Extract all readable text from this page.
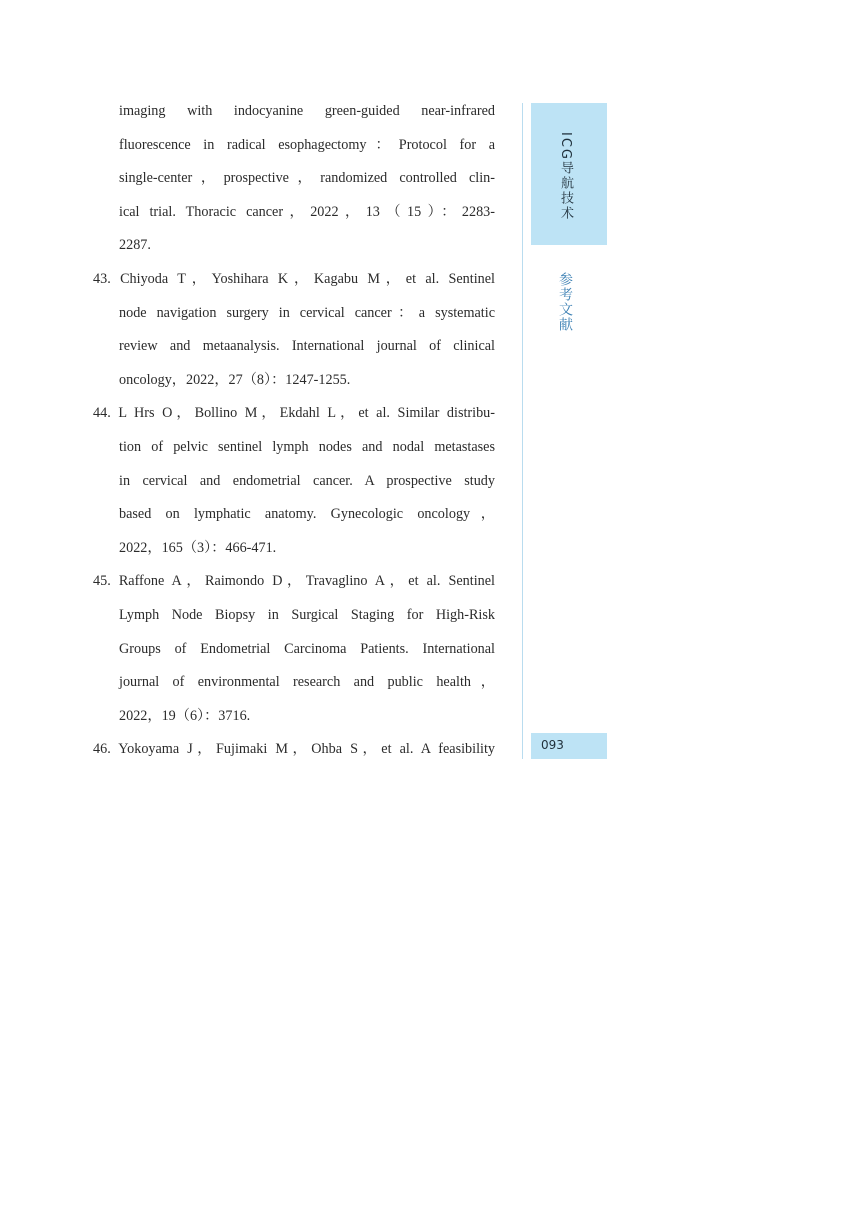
imaging with indocyanine green-guided near-infrared
fluorescence in radical esophagectomy：Protocol for a
single-center，prospective，randomized controlled clin-
ical trial. Thoracic cancer，2022，13（15）：2283-
2287.
43. Chiyoda T，Yoshihara K，Kagabu M，et al. Sentinel
node navigation surgery in cervical cancer：a systematic
review and metaanalysis. International journal of clinical
oncology，2022，27（8）：1247-1255.
44. L Hrs O，Bollino M，Ekdahl L，et al. Similar distribu-
tion of pelvic sentinel lymph nodes and nodal metastases
in cervical and endometrial cancer. A prospective study
based on lymphatic anatomy. Gynecologic oncology，
2022，165（3）：466-471.
45. Raffone A，Raimondo D，Travaglino A，et al. Sentinel
Lymph Node Biopsy in Surgical Staging for High-Risk
Groups of Endometrial Carcinoma Patients. International
journal of environmental research and public health，
2022，19（6）：3716.
46. Yokoyama J，Fujimaki M，Ohba S，et al. A feasibility
ICG导航技术
参考文献
093
